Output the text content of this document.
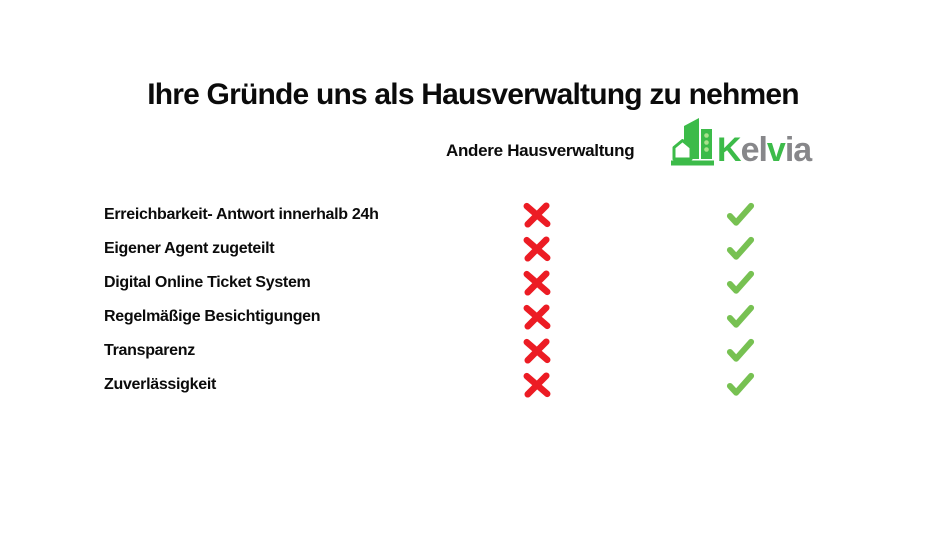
Ihre Gründe uns als Hausverwaltung zu nehmen
Andere Hausverwaltung Kelvia
Erreichbarkeit- Antwort innerhalb 24h
Eigener Agent zugeteilt
Digital Online Ticket System
Regelmäßige Besichtigungen
Transparenz
Zuverlässigkeit
